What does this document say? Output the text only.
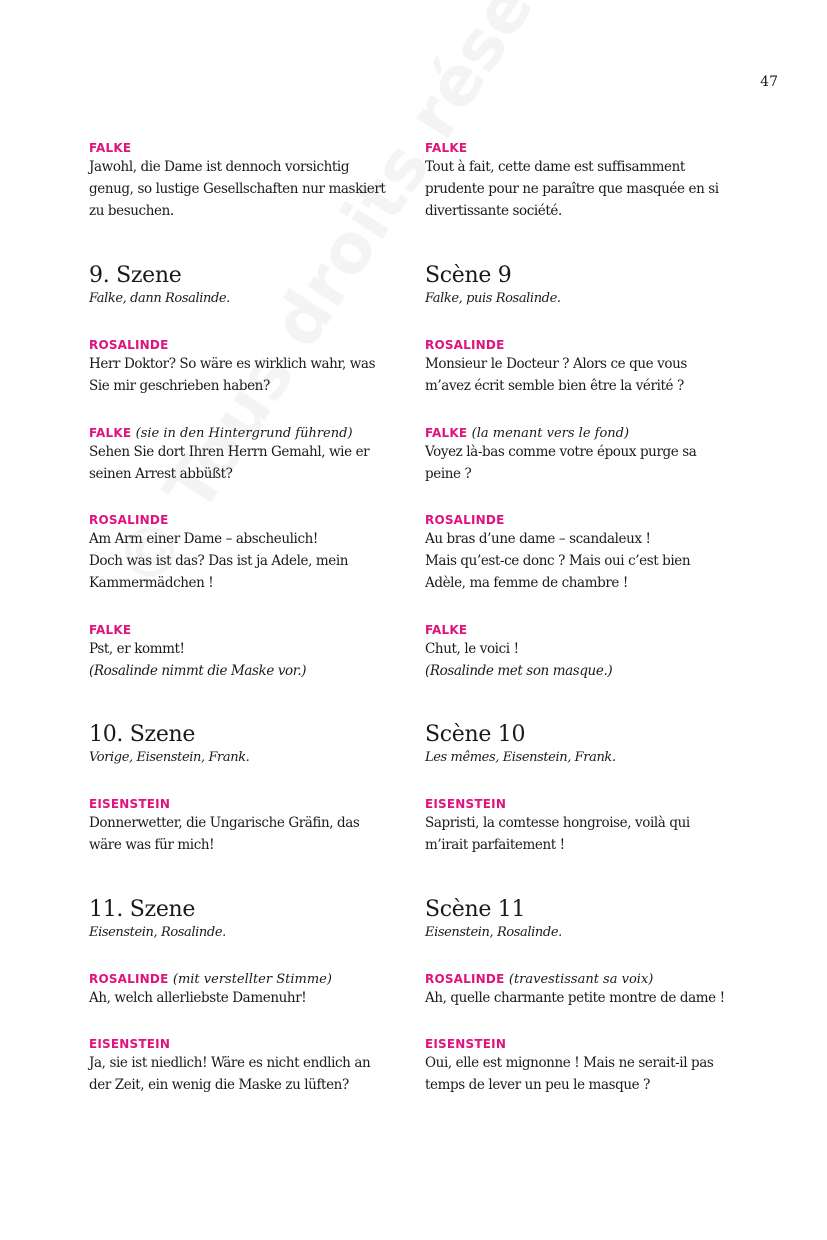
47
FALKE
Jawohl, die Dame ist dennoch vorsichtig
genug, so lustige Gesellschaften nur maskiert
zu besuchen.
9. Szene
Falke, dann Rosalinde.
ROSALINDE
Herr Doktor? So wäre es wirklich wahr, was
Sie mir geschrieben haben?
FALKE (sie in den Hintergrund führend)
Sehen Sie dort Ihren Herrn Gemahl, wie er
seinen Arrest abbüßt?
ROSALINDE
Am Arm einer Dame – abscheulich!
Doch was ist das? Das ist ja Adele, mein
Kammermädchen !
FALKE
Pst, er kommt!
(Rosalinde nimmt die Maske vor.)
10. Szene
Vorige, Eisenstein, Frank.
EISENSTEIN
Donnerwetter, die Ungarische Gräfin, das
wäre was für mich!
11. Szene
Eisenstein, Rosalinde.
ROSALINDE (mit verstellter Stimme)
Ah, welch allerliebste Damenuhr!
EISENSTEIN
Ja, sie ist niedlich! Wäre es nicht endlich an
der Zeit, ein wenig die Maske zu lüften?
FALKE
Tout à fait, cette dame est suffisamment
prudente pour ne paraître que masquée en si
divertissante société.
Scène 9
Falke, puis Rosalinde.
ROSALINDE
Monsieur le Docteur ? Alors ce que vous
m’avez écrit semble bien être la vérité ?
FALKE (la menant vers le fond)
Voyez là-bas comme votre époux purge sa
peine ?
ROSALINDE
Au bras d’une dame – scandaleux !
Mais qu’est-ce donc ? Mais oui c’est bien
Adèle, ma femme de chambre !
FALKE
Chut, le voici !
(Rosalinde met son masque.)
Scène 10
Les mêmes, Eisenstein, Frank.
EISENSTEIN
Sapristi, la comtesse hongroise, voilà qui
m’irait parfaitement !
Scène 11
Eisenstein, Rosalinde.
ROSALINDE (travestissant sa voix)
Ah, quelle charmante petite montre de dame !
EISENSTEIN
Oui, elle est mignonne ! Mais ne serait-il pas
temps de lever un peu le masque ?
